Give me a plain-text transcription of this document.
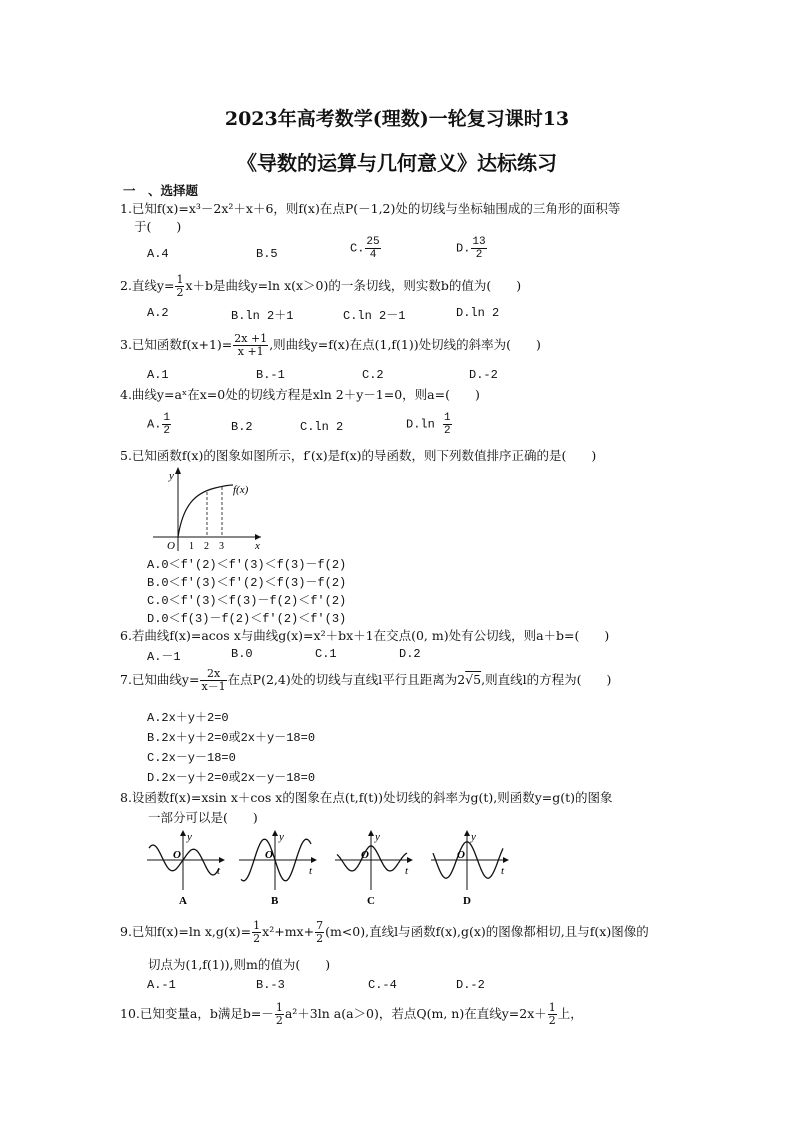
2023年高考数学(理数)一轮复习课时13
《导数的运算与几何意义》达标练习
一　、选择题
1.已知f(x)=x³－2x²＋x＋6，则f(x)在点P(－1,2)处的切线与坐标轴围成的三角形的面积等
于(　　)
A.4	B.5	C. $\frac{25}{4}$	D. $\frac{13}{2}$
2.直线$y= \frac{1}{2} x+b$是曲线y=ln x(x＞0)的一条切线，则实数b的值为(　　)
A.2	B.ln 2＋1	C.ln 2－1	D.ln 2
3.已知函数$f(x+1)= \frac{2x +1}{x +1}$ ,则曲线y=f(x)在点(1,f(1))处切线的斜率为(　　)
A.1	B.-1	C.2	D.-2
4.曲线y=aˣ在x=0处的切线方程是xln 2＋y－1=0，则a=(　　)
A. $\frac{1}{2}$	B.2	C.ln 2	$D.\ln \frac{1}{2}$
5.已知函数f(x)的图象如图所示，f′(x)是f(x)的导函数，则下列数值排序正确的是(　　)
y
x
O 1 2 3
f(x)
A.0＜f′(2)＜f′(3)＜f(3)－f(2)
B.0＜f′(3)＜f′(2)＜f(3)－f(2)
C.0＜f′(3)＜f(3)－f(2)＜f′(2)
D.0＜f(3)－f(2)＜f′(2)＜f′(3)
6.若曲线f(x)=acos x与曲线g(x)=x²＋bx＋1在交点(0, m)处有公切线，则a＋b=(　　)
A.－1	B.0	C.1	D.2
7.已知曲线$y= \frac{2x}{x-1}$ 在点P(2,4)处的切线与直线l平行且距离为2√5,则直线l的方程为(　　)
A.2x＋y＋2=0
B.2x＋y＋2=0或2x＋y－18=0
C.2x－y－18=0
D.2x－y＋2=0或2x－y－18=0
8.设函数f(x)=xsin x＋cos x的图象在点(t,f(t))处切线的斜率为g(t),则函数y=g(t)的图象
一部分可以是(　　)
y
t
O
A
y
t
O
B
y
t
O
C
y
t
O
D
9.已知f(x)=ln $x,g(x)= \frac{1}{2} x^2+mx+ \frac{7}{2} (m<0)$,直线l与函数f(x),g(x)的图像都相切,且与f(x)图像的
切点为(1,f(1)),则m的值为(　　)
A.-1	B.-3	C.-4	D.-2
10.已知变量a，b满足$b=- \frac{1}{2} a^2+3\ln$ a(a＞0)，若点Q(m, n)在直线$y=2x+ \frac{1}{2}$ 上，
